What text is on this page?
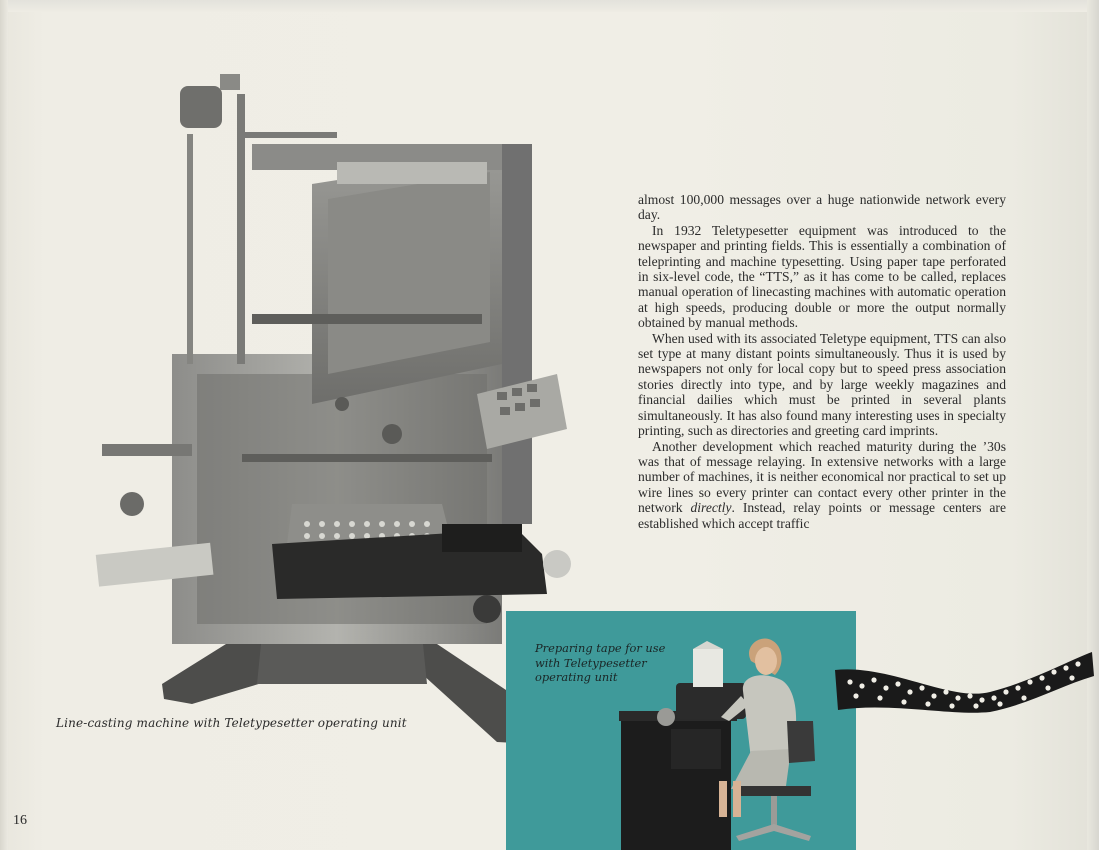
Line-casting machine with Teletypesetter operating unit

almost 100,000 messages over a huge nationwide network every day.

In 1932 Teletypesetter equipment was introduced to the newspaper and printing fields. This is essentially a combination of teleprinting and machine typesetting. Using paper tape perforated in six-level code, the “TTS,” as it has come to be called, replaces manual operation of linecasting machines with automatic operation at high speeds, producing double or more the output normally obtained by manual methods.

When used with its associated Teletype equipment, TTS can also set type at many distant points simultaneously. Thus it is used by newspapers not only for local copy but to speed press association stories directly into type, and by large weekly magazines and financial dailies which must be printed in several plants simultaneously. It has also found many interesting uses in specialty printing, such as directories and greeting card imprints.

Another development which reached maturity during the ’30s was that of message relaying. In extensive networks with a large number of machines, it is neither economical nor practical to set up wire lines so every printer can contact every other printer in the network directly. Instead, relay points or message centers are established which accept traffic

Preparing tape for use with Teletypesetter operating unit
16
